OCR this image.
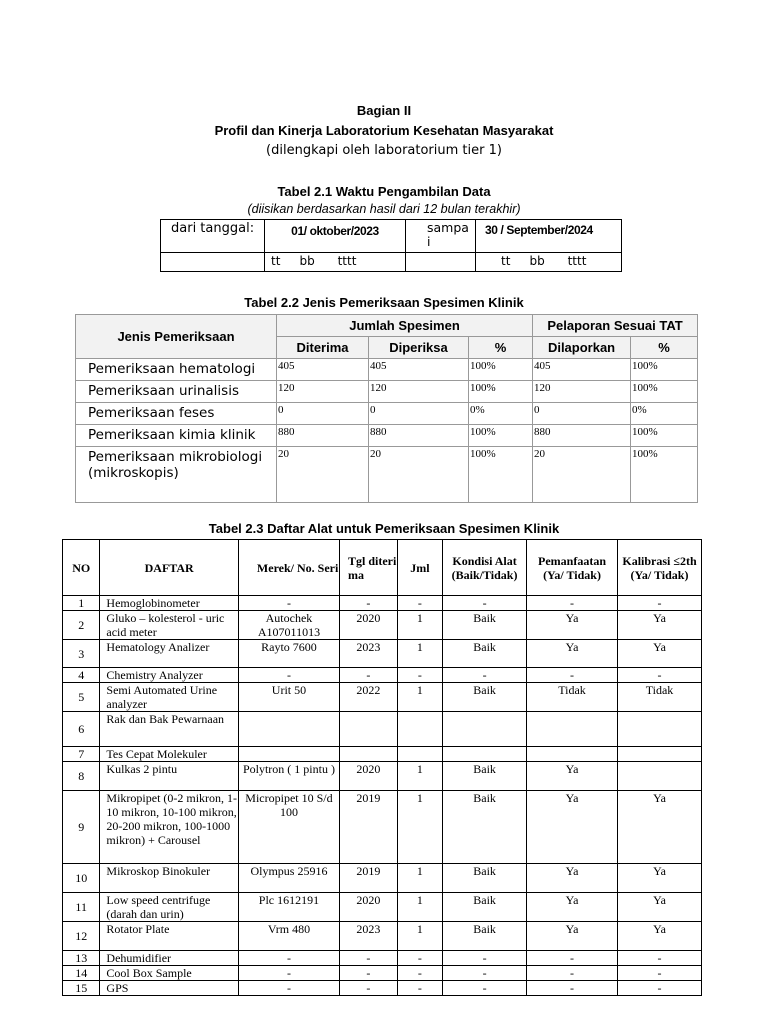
Bagian II
Profil dan Kinerja Laboratorium Kesehatan Masyarakat
(dilengkapi oleh laboratorium tier 1)
Tabel 2.1 Waktu Pengambilan Data
(diisikan berdasarkan hasil dari 12 bulan terakhir)
dari tanggal:	01/ oktober/2023	sampa i	30 / September/2024
	tt     bb      tttt		tt     bb      tttt
Tabel 2.2 Jenis Pemeriksaan Spesimen Klinik
Jenis Pemeriksaan	Jumlah Spesimen			Pelaporan Sesuai TAT	
	Diterima	Diperiksa	%	Dilaporkan	%
Pemeriksaan hematologi	405	405	100%	405	100%
Pemeriksaan urinalisis	120	120	100%	120	100%
Pemeriksaan feses	0	0	0%	0	0%
Pemeriksaan kimia klinik	880	880	100%	880	100%
Pemeriksaan mikrobiologi (mikroskopis)	20	20	100%	20	100%
Tabel 2.3 Daftar Alat untuk Pemeriksaan Spesimen Klinik
NO	DAFTAR	Merek/ No. Seri	Tgl diteri ma	Jml	Kondisi Alat (Baik/Tidak)	Pemanfaatan (Ya/ Tidak)	Kalibrasi ≤2th (Ya/ Tidak)
1	Hemoglobinometer	-	-	-	-	-	-
2	Gluko – kolesterol - uric acid meter	Autochek A107011013	2020	1	Baik	Ya	Ya
3	Hematology Analizer	Rayto 7600	2023	1	Baik	Ya	Ya
4	Chemistry Analyzer	-	-	-	-	-	-
5	Semi Automated Urine analyzer	Urit 50	2022	1	Baik	Tidak	Tidak
6	Rak dan Bak Pewarnaan						
7	Tes Cepat Molekuler						
8	Kulkas 2 pintu	Polytron ( 1 pintu )	2020	1	Baik	Ya	
9	Mikropipet (0-2 mikron, 1-10 mikron, 10-100 mikron, 20-200 mikron, 100-1000 mikron) + Carousel	Micropipet 10 S/d 100	2019	1	Baik	Ya	Ya
10	Mikroskop Binokuler	Olympus 25916	2019	1	Baik	Ya	Ya
11	Low speed centrifuge (darah dan urin)	Plc 1612191	2020	1	Baik	Ya	Ya
12	Rotator Plate	Vrm 480	2023	1	Baik	Ya	Ya
13	Dehumidifier	-	-	-	-	-	-
14	Cool Box Sample	-	-	-	-	-	-
15	GPS	-	-	-	-	-	-
